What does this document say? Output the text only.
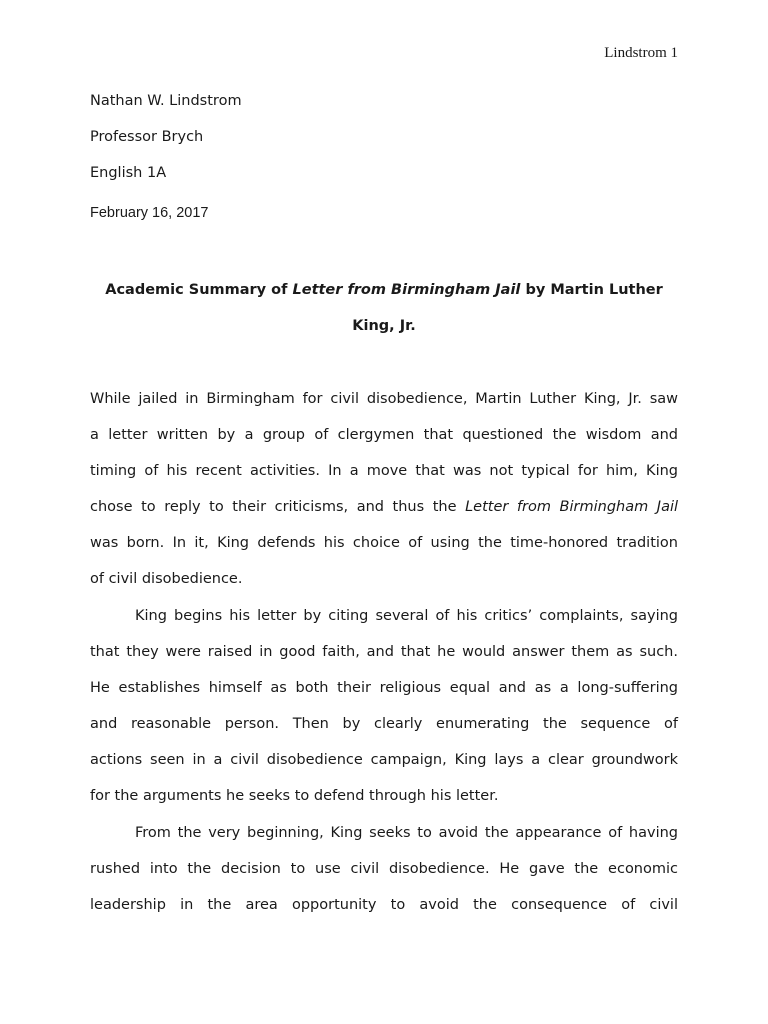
Lindstrom 1
Nathan W. Lindstrom
Professor Brych
English 1A
February 16, 2017
Academic Summary of Letter from Birmingham Jail by Martin Luther
King, Jr.
While jailed in Birmingham for civil disobedience, Martin Luther King, Jr. saw
a letter written by a group of clergymen that questioned the wisdom and
timing of his recent activities. In a move that was not typical for him, King
chose to reply to their criticisms, and thus the Letter from Birmingham Jail
was born. In it, King defends his choice of using the time-honored tradition
of civil disobedience.
King begins his letter by citing several of his critics’ complaints, saying
that they were raised in good faith, and that he would answer them as such.
He establishes himself as both their religious equal and as a long-suffering
and reasonable person. Then by clearly enumerating the sequence of
actions seen in a civil disobedience campaign, King lays a clear groundwork
for the arguments he seeks to defend through his letter.
From the very beginning, King seeks to avoid the appearance of having
rushed into the decision to use civil disobedience. He gave the economic
leadership in the area opportunity to avoid the consequence of civil
